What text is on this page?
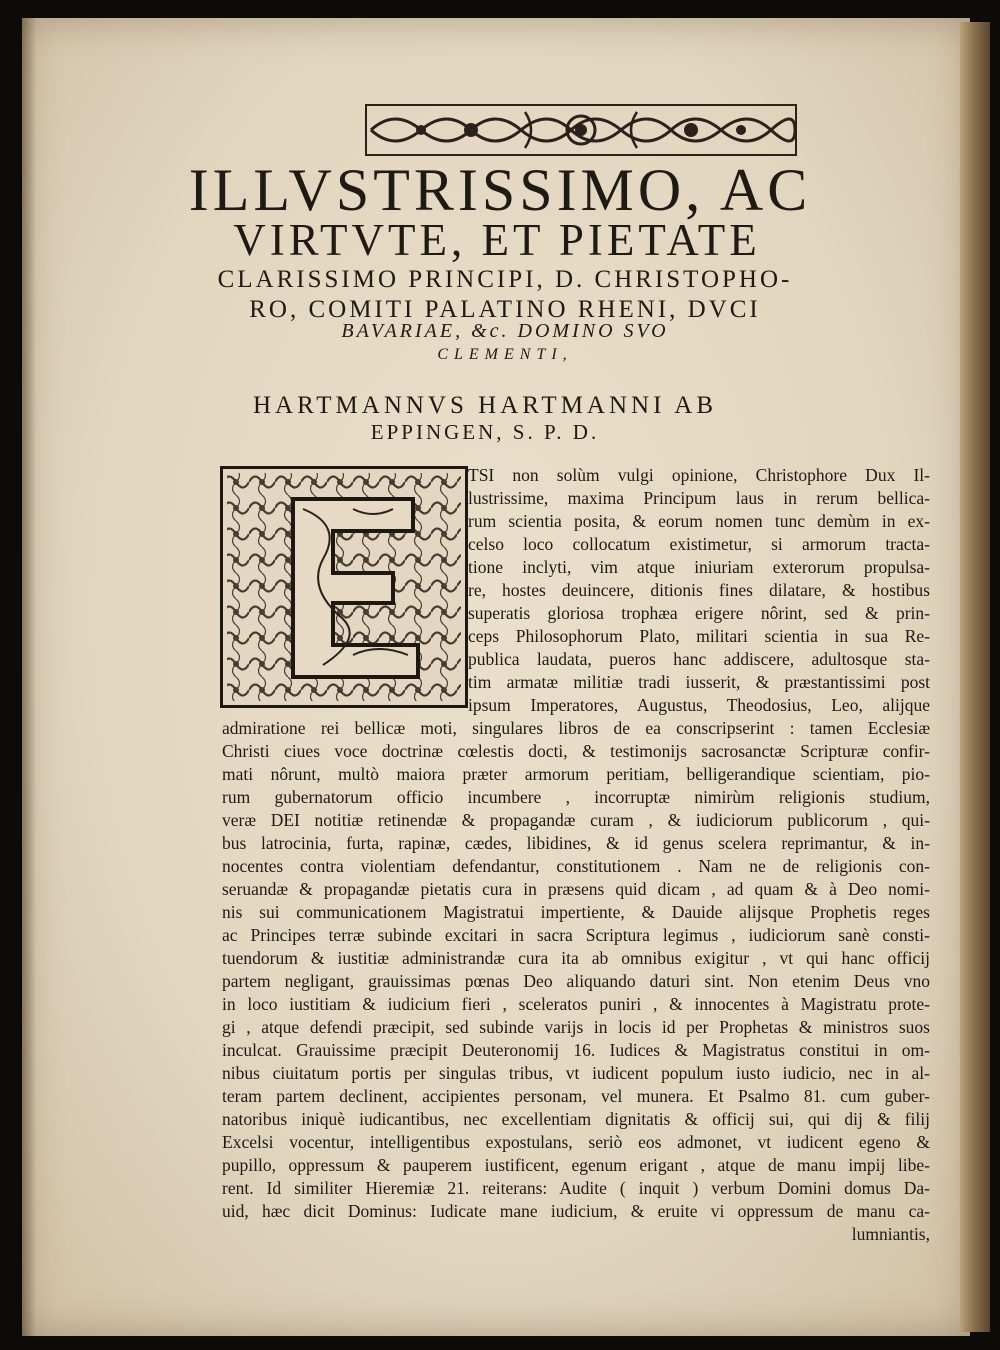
ILLVSTRISSIMO, AC
VIRTVTE, ET PIETATE
CLARISSIMO PRINCIPI, D. CHRISTOPHO-
RO, COMITI PALATINO RHENI, DVCI
BAVARIAE, &c. DOMINO SVO
CLEMENTI,
HARTMANNVS HARTMANNI AB
EPPINGEN, S. P. D.
TSI non solùm vulgi opinione, Christophore Dux Il-
lustrissime, maxima Principum laus in rerum bellica-
rum scientia posita, & eorum nomen tunc demùm in ex-
celso loco collocatum existimetur, si armorum tracta-
tione inclyti, vim atque iniuriam exterorum propulsa-
re, hostes deuincere, ditionis fines dilatare, & hostibus
superatis gloriosa trophæa erigere nôrint, sed & prin-
ceps Philosophorum Plato, militari scientia in sua Re-
publica laudata, pueros hanc addiscere, adultosque sta-
tim armatæ militiæ tradi iusserit, & præstantissimi post
ipsum Imperatores, Augustus, Theodosius, Leo, alijque
admiratione rei bellicæ moti, singulares libros de ea conscripserint : tamen Ecclesiæ
Christi ciues voce doctrinæ cœlestis docti, & testimonijs sacrosanctæ Scripturæ confir-
mati nôrunt, multò maiora præter armorum peritiam, belligerandique scientiam, pio-
rum gubernatorum officio incumbere , incorruptæ nimirùm religionis studium,
veræ DEI notitiæ retinendæ & propagandæ curam , & iudiciorum publicorum , qui-
bus latrocinia, furta, rapinæ, cædes, libidines, & id genus scelera reprimantur, & in-
nocentes contra violentiam defendantur, constitutionem . Nam ne de religionis con-
seruandæ & propagandæ pietatis cura in præsens quid dicam , ad quam & à Deo nomi-
nis sui communicationem Magistratui impertiente, & Dauide alijsque Prophetis reges
ac Principes terræ subinde excitari in sacra Scriptura legimus , iudiciorum sanè consti-
tuendorum & iustitiæ administrandæ cura ita ab omnibus exigitur , vt qui hanc officij
partem negligant, grauissimas pœnas Deo aliquando daturi sint. Non etenim Deus vno
in loco iustitiam & iudicium fieri , sceleratos puniri , & innocentes à Magistratu prote-
gi , atque defendi præcipit, sed subinde varijs in locis id per Prophetas & ministros suos
inculcat. Grauissime præcipit Deuteronomij 16. Iudices & Magistratus constitui in om-
nibus ciuitatum portis per singulas tribus, vt iudicent populum iusto iudicio, nec in al-
teram partem declinent, accipientes personam, vel munera. Et Psalmo 81. cum guber-
natoribus iniquè iudicantibus, nec excellentiam dignitatis & officij sui, qui dij & filij
Excelsi vocentur, intelligentibus expostulans, seriò eos admonet, vt iudicent egeno &
pupillo, oppressum & pauperem iustificent, egenum erigant , atque de manu impij libe-
rent. Id similiter Hieremiæ 21. reiterans: Audite ( inquit ) verbum Domini domus Da-
uid, hæc dicit Dominus: Iudicate mane iudicium, & eruite vi oppressum de manu ca-
lumniantis,
